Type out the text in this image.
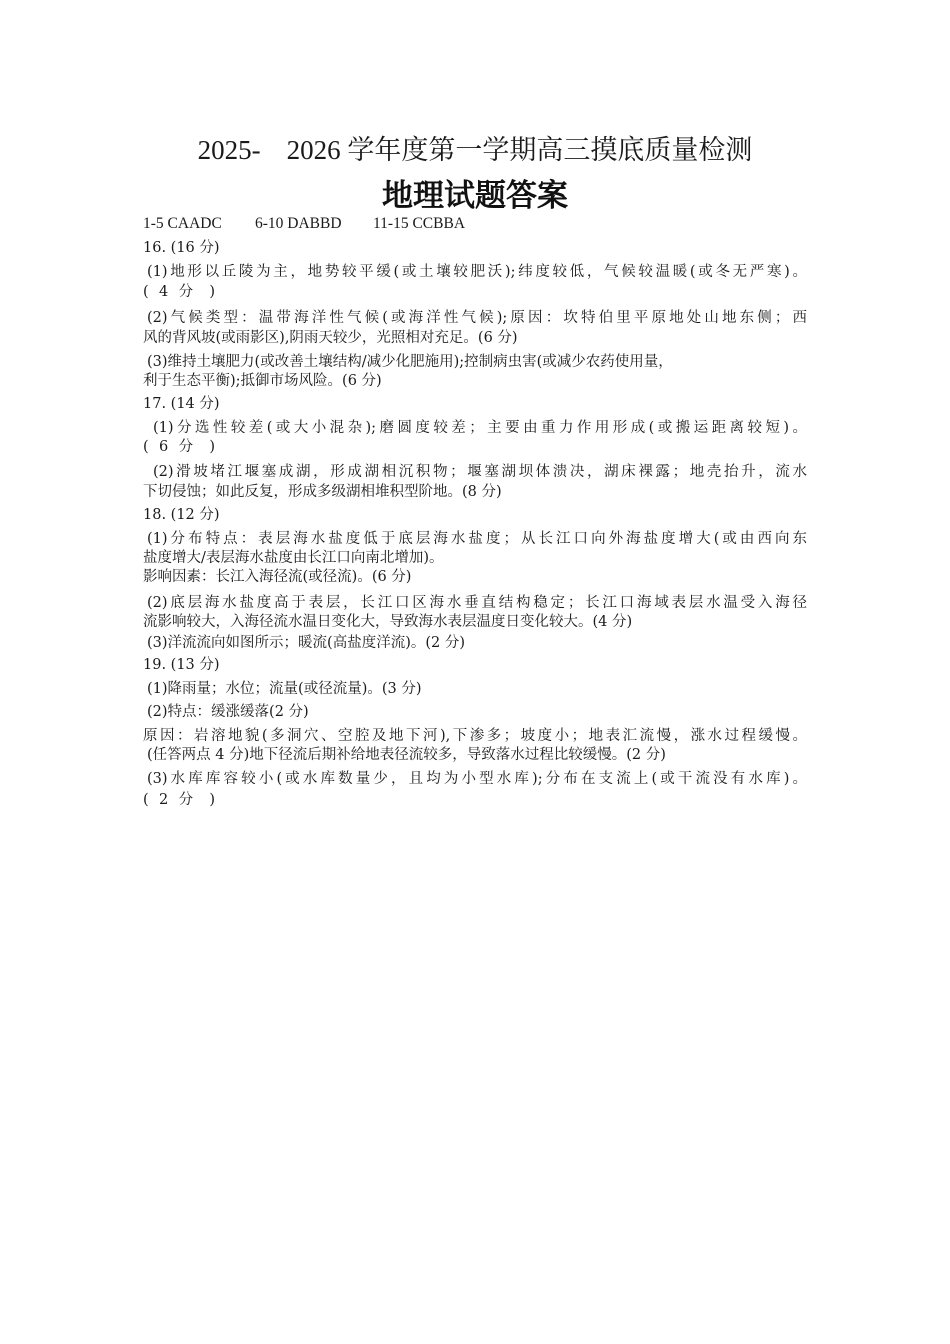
2025- 2026 学年度第一学期高三摸底质量检测
地理试题答案
1-5 CAADC 6-10 DABBD 11-15 CCBBA
16. (16 分)
(1)地形以丘陵为主，地势较平缓(或土壤较肥沃);纬度较低，气候较温暖(或冬无严寒)。
( 4 分 )
(2)气候类型：温带海洋性气候(或海洋性气候);原因：坎特伯里平原地处山地东侧；西
风的背风坡(或雨影区),阴雨天较少，光照相对充足。(6 分)
(3)维持土壤肥力(或改善土壤结构/减少化肥施用);控制病虫害(或减少农药使用量，
利于生态平衡);抵御市场风险。(6 分)
17. (14 分)
(1)分选性较差(或大小混杂);磨圆度较差；主要由重力作用形成(或搬运距离较短)。
( 6 分 )
(2)滑坡堵江堰塞成湖，形成湖相沉积物；堰塞湖坝体溃决，湖床裸露；地壳抬升，流水
下切侵蚀；如此反复，形成多级湖相堆积型阶地。(8 分)
18. (12 分)
(1)分布特点：表层海水盐度低于底层海水盐度；从长江口向外海盐度增大(或由西向东
盐度增大/表层海水盐度由长江口向南北增加)。
影响因素：长江入海径流(或径流)。(6 分)
(2)底层海水盐度高于表层，长江口区海水垂直结构稳定；长江口海域表层水温受入海径
流影响较大，入海径流水温日变化大，导致海水表层温度日变化较大。(4 分)
(3)洋流流向如图所示；暖流(高盐度洋流)。(2 分)
19. (13 分)
(1)降雨量；水位；流量(或径流量)。(3 分)
(2)特点：缓涨缓落(2 分)
原因：岩溶地貌(多洞穴、空腔及地下河),下渗多；坡度小；地表汇流慢，涨水过程缓慢。
(任答两点 4 分)地下径流后期补给地表径流较多，导致落水过程比较缓慢。(2 分)
(3)水库库容较小(或水库数量少，且均为小型水库);分布在支流上(或干流没有水库)。
( 2 分 )
